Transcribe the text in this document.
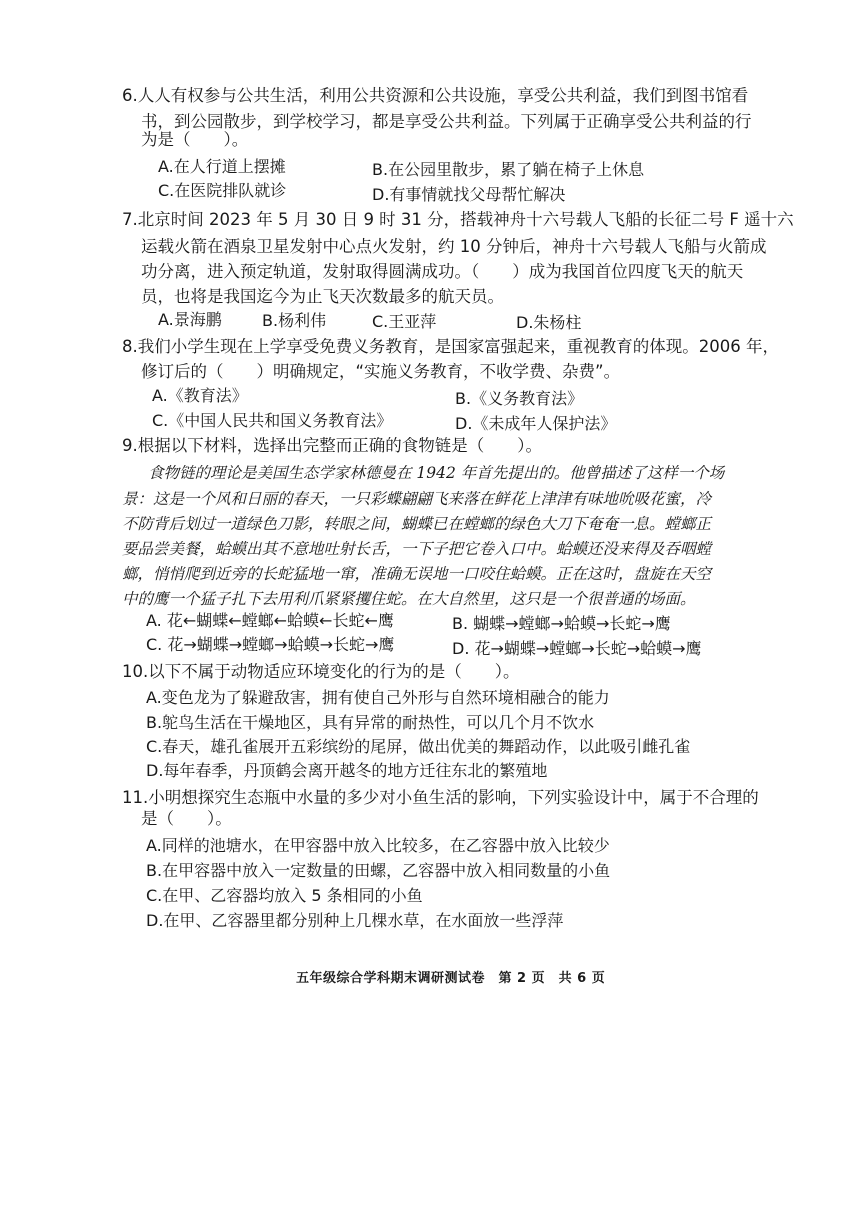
6.人人有权参与公共生活，利用公共资源和公共设施，享受公共利益，我们到图书馆看
书，到公园散步，到学校学习，都是享受公共利益。下列属于正确享受公共利益的行
为是（　　）。
A.在人行道上摆摊	B.在公园里散步，累了躺在椅子上休息
C.在医院排队就诊	D.有事情就找父母帮忙解决
7.北京时间 2023 年 5 月 30 日 9 时 31 分，搭载神舟十六号载人飞船的长征二号 F 遥十六
运载火箭在酒泉卫星发射中心点火发射，约 10 分钟后，神舟十六号载人飞船与火箭成
功分离，进入预定轨道，发射取得圆满成功。（　　）成为我国首位四度飞天的航天
员，也将是我国迄今为止飞天次数最多的航天员。
A.景海鹏	B.杨利伟	C.王亚萍	D.朱杨柱
8.我们小学生现在上学享受免费义务教育，是国家富强起来，重视教育的体现。2006 年，
修订后的（　　）明确规定，“实施义务教育，不收学费、杂费”。
A.《教育法》	B.《义务教育法》
C.《中国人民共和国义务教育法》	D.《未成年人保护法》
9.根据以下材料，选择出完整而正确的食物链是（　　）。
食物链的理论是美国生态学家林德曼在 1942 年首先提出的。他曾描述了这样一个场
景：这是一个风和日丽的春天，一只彩蝶翩翩飞来落在鲜花上津津有味地吮吸花蜜，冷
不防背后划过一道绿色刀影，转眼之间，蝴蝶已在螳螂的绿色大刀下奄奄一息。螳螂正
要品尝美餐，蛤蟆出其不意地吐射长舌，一下子把它卷入口中。蛤蟆还没来得及吞咽螳
螂，悄悄爬到近旁的长蛇猛地一窜，准确无误地一口咬住蛤蟆。正在这时，盘旋在天空
中的鹰一个猛子扎下去用利爪紧紧攫住蛇。在大自然里，这只是一个很普通的场面。
A. 花←蝴蝶←螳螂←蛤蟆←长蛇←鹰	B. 蝴蝶→螳螂→蛤蟆→长蛇→鹰
C. 花→蝴蝶→螳螂→蛤蟆→长蛇→鹰	D. 花→蝴蝶→螳螂→长蛇→蛤蟆→鹰
10.以下不属于动物适应环境变化的行为的是（　　）。
A.变色龙为了躲避敌害，拥有使自己外形与自然环境相融合的能力
B.鸵鸟生活在干燥地区，具有异常的耐热性，可以几个月不饮水
C.春天，雄孔雀展开五彩缤纷的尾屏，做出优美的舞蹈动作，以此吸引雌孔雀
D.每年春季，丹顶鹤会离开越冬的地方迁往东北的繁殖地
11.小明想探究生态瓶中水量的多少对小鱼生活的影响，下列实验设计中，属于不合理的
是（　　）。
A.同样的池塘水，在甲容器中放入比较多，在乙容器中放入比较少
B.在甲容器中放入一定数量的田螺，乙容器中放入相同数量的小鱼
C.在甲、乙容器均放入 5 条相同的小鱼
D.在甲、乙容器里都分别种上几棵水草，在水面放一些浮萍
五年级综合学科期末调研测试卷　第 2 页　共 6 页
